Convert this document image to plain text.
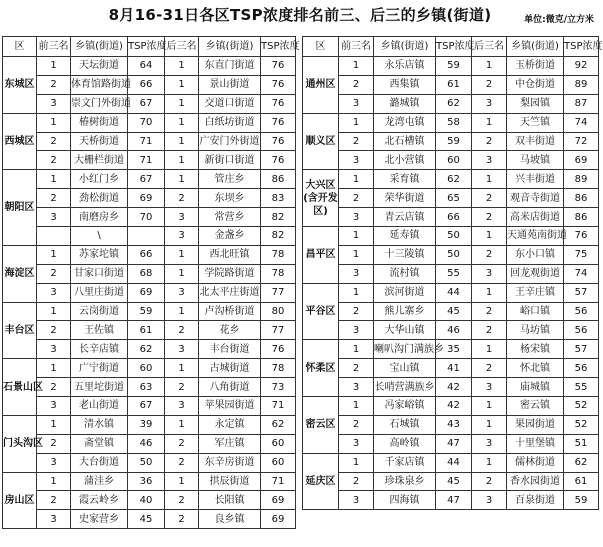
8月16-31日各区TSP浓度排名前三、后三的乡镇(街道)	单位:微克/立方米
区	前三名	乡镇(街道)	TSP浓度	后三名	乡镇(街道)	TSP浓度
东城区	1	天坛街道	64	1	东直门街道	76
	2	体育馆路街道	66	1	景山街道	76
	3	崇文门外街道	67	1	交道口街道	76
西城区	1	椿树街道	70	1	白纸坊街道	76
	2	天桥街道	71	1	广安门外街道	76
	2	大栅栏街道	71	1	新街口街道	76
朝阳区	1	小红门乡	67	1	管庄乡	86
	2	劲松街道	69	2	东坝乡	83
	3	南磨房乡	70	3	常营乡	82
		\		3	金盏乡	82
海淀区	1	苏家坨镇	66	1	西北旺镇	78
	2	甘家口街道	68	1	学院路街道	78
	3	八里庄街道	69	3	北太平庄街道	77
丰台区	1	云岗街道	59	1	卢沟桥街道	80
	2	王佐镇	61	2	花乡	77
	3	长辛店镇	62	3	丰台街道	76
石景山区	1	广宁街道	60	1	古城街道	78
	2	五里坨街道	63	2	八角街道	73
	3	老山街道	67	3	苹果园街道	71
门头沟区	1	清水镇	39	1	永定镇	62
	2	斋堂镇	46	2	军庄镇	60
	3	大台街道	50	2	东辛房街道	60
房山区	1	蒲洼乡	36	1	拱辰街道	71
	2	霞云岭乡	40	2	长阳镇	69
	3	史家营乡	45	2	良乡镇	69
区	前三名	乡镇(街道)	TSP浓度	后三名	乡镇(街道)	TSP浓度
通州区	1	永乐店镇	59	1	玉桥街道	92
	2	西集镇	61	2	中仓街道	89
	3	潞城镇	62	3	梨园镇	87
顺义区	1	龙湾屯镇	58	1	天竺镇	74
	2	北石槽镇	59	2	双丰街道	72
	3	北小营镇	60	3	马坡镇	69
大兴区(含开发区)	1	采育镇	62	1	兴丰街道	89
	2	荣华街道	65	2	观音寺街道	86
	3	青云店镇	66	2	高米店街道	86
昌平区	1	延寿镇	50	1	天通苑南街道	76
	1	十三陵镇	50	2	东小口镇	75
	3	流村镇	55	3	回龙观街道	74
平谷区	1	滨河街道	44	1	王辛庄镇	57
	2	熊儿寨乡	45	2	峪口镇	56
	3	大华山镇	46	2	马坊镇	56
怀柔区	1	喇叭沟门满族乡	35	1	杨宋镇	57
	2	宝山镇	41	2	怀北镇	56
	3	长哨营满族乡	42	3	庙城镇	55
密云区	1	冯家峪镇	42	1	密云镇	52
	2	石城镇	43	1	果园街道	52
	3	高岭镇	47	3	十里堡镇	51
延庆区	1	千家店镇	44	1	儒林街道	62
	2	珍珠泉乡	45	2	香水园街道	61
	3	四海镇	47	3	百泉街道	59
